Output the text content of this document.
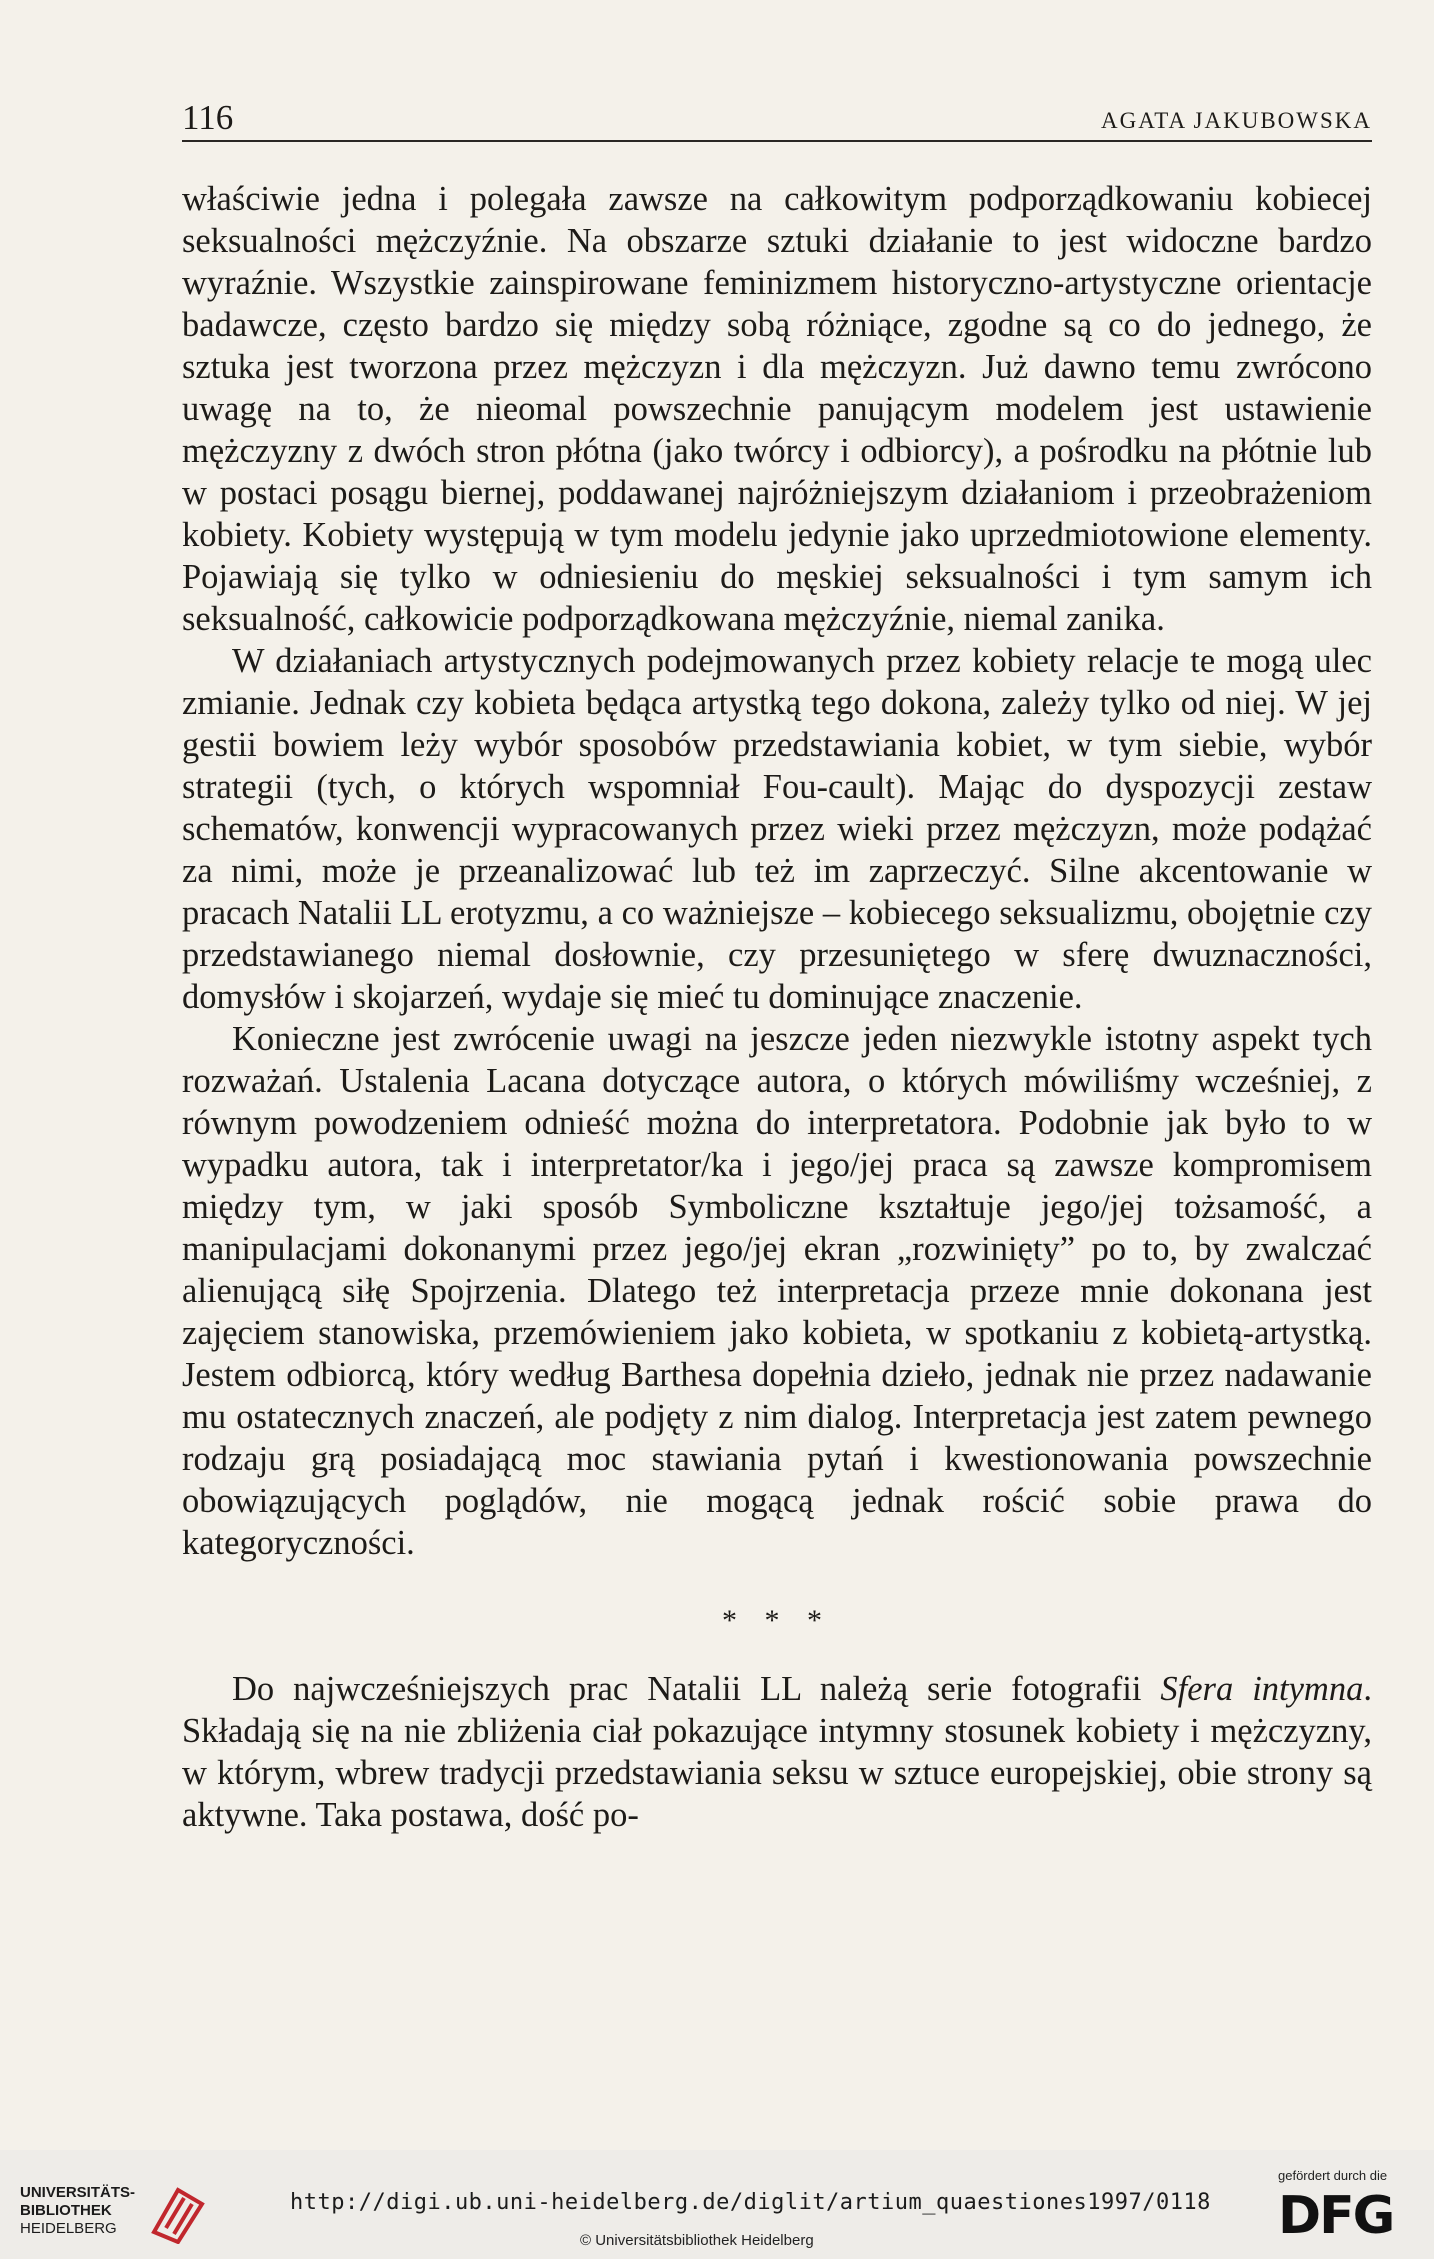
116	AGATA JAKUBOWSKA

właściwie jedna i polegała zawsze na całkowitym podporządkowaniu kobiecej seksualności mężczyźnie. Na obszarze sztuki działanie to jest widoczne bardzo wyraźnie. Wszystkie zainspirowane feminizmem historyczno-artystyczne orientacje badawcze, często bardzo się między sobą różniące, zgodne są co do jednego, że sztuka jest tworzona przez mężczyzn i dla mężczyzn. Już dawno temu zwrócono uwagę na to, że nieomal powszechnie panującym modelem jest ustawienie mężczyzny z dwóch stron płótna (jako twórcy i odbiorcy), a pośrodku na płótnie lub w postaci posągu biernej, poddawanej najróżniejszym działaniom i przeobrażeniom kobiety. Kobiety występują w tym modelu jedynie jako uprzedmiotowione elementy. Pojawiają się tylko w odniesieniu do męskiej seksualności i tym samym ich seksualność, całkowicie podporządkowana mężczyźnie, niemal zanika.

W działaniach artystycznych podejmowanych przez kobiety relacje te mogą ulec zmianie. Jednak czy kobieta będąca artystką tego dokona, zależy tylko od niej. W jej gestii bowiem leży wybór sposobów przedstawiania kobiet, w tym siebie, wybór strategii (tych, o których wspomniał Fou-cault). Mając do dyspozycji zestaw schematów, konwencji wypracowanych przez wieki przez mężczyzn, może podążać za nimi, może je przeanalizować lub też im zaprzeczyć. Silne akcentowanie w pracach Natalii LL erotyzmu, a co ważniejsze – kobiecego seksualizmu, obojętnie czy przedstawianego niemal dosłownie, czy przesuniętego w sferę dwuznaczności, domysłów i skojarzeń, wydaje się mieć tu dominujące znaczenie.

Konieczne jest zwrócenie uwagi na jeszcze jeden niezwykle istotny aspekt tych rozważań. Ustalenia Lacana dotyczące autora, o których mówiliśmy wcześniej, z równym powodzeniem odnieść można do interpretatora. Podobnie jak było to w wypadku autora, tak i interpretator/ka i jego/jej praca są zawsze kompromisem między tym, w jaki sposób Symboliczne kształtuje jego/jej tożsamość, a manipulacjami dokonanymi przez jego/jej ekran „rozwinięty” po to, by zwalczać alienującą siłę Spojrzenia. Dlatego też interpretacja przeze mnie dokonana jest zajęciem stanowiska, przemówieniem jako kobieta, w spotkaniu z kobietą-artystką. Jestem odbiorcą, który według Barthesa dopełnia dzieło, jednak nie przez nadawanie mu ostatecznych znaczeń, ale podjęty z nim dialog. Interpretacja jest zatem pewnego rodzaju grą posiadającą moc stawiania pytań i kwestionowania powszechnie obowiązujących poglądów, nie mogącą jednak rościć sobie prawa do kategoryczności.

* * *

Do najwcześniejszych prac Natalii LL należą serie fotografii Sfera intymna. Składają się na nie zbliżenia ciał pokazujące intymny stosunek kobiety i mężczyzny, w którym, wbrew tradycji przedstawiania seksu w sztuce europejskiej, obie strony są aktywne. Taka postawa, dość po-

UNIVERSITÄTS-
BIBLIOTHEK
HEIDELBERG
http://digi.ub.uni-heidelberg.de/diglit/artium_quaestiones1997/0118
© Universitätsbibliothek Heidelberg
gefördert durch die
DFG
